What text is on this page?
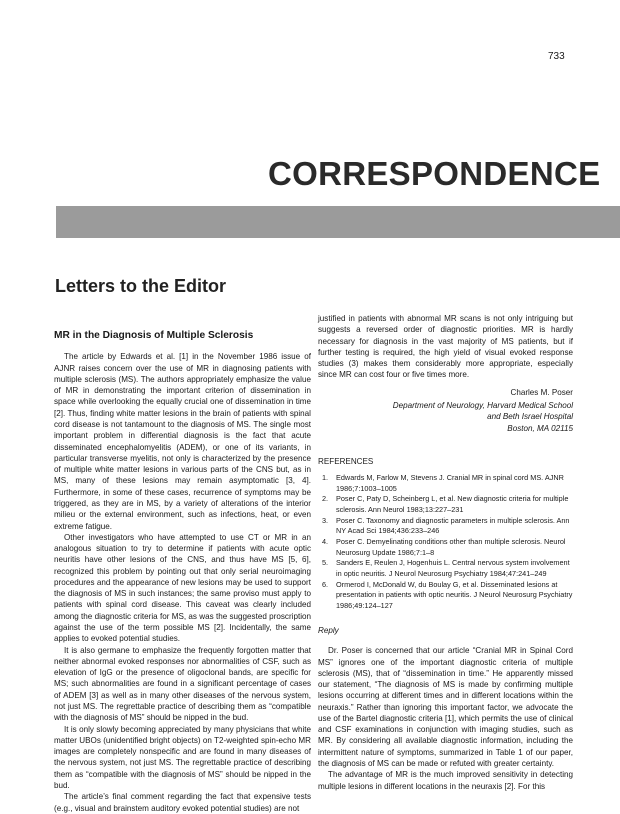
733
CORRESPONDENCE
Letters to the Editor
MR in the Diagnosis of Multiple Sclerosis

The article by Edwards et al. [1] in the November 1986 issue of AJNR raises concern over the use of MR in diagnosing patients with multiple sclerosis (MS). The authors appropriately emphasize the value of MR in demonstrating the important criterion of dissemination in space while overlooking the equally crucial one of dissemination in time [2]. Thus, finding white matter lesions in the brain of patients with spinal cord disease is not tantamount to the diagnosis of MS. The single most important problem in differential diagnosis is the fact that acute disseminated encephalomyelitis (ADEM), or one of its variants, in particular transverse myelitis, not only is characterized by the presence of multiple white matter lesions in various parts of the CNS but, as in MS, many of these lesions may remain asymptomatic [3, 4]. Furthermore, in some of these cases, recurrence of symptoms may be triggered, as they are in MS, by a variety of alterations of the interior milieu or the external environment, such as infections, heat, or even extreme fatigue.

Other investigators who have attempted to use CT or MR in an analogous situation to try to determine if patients with acute optic neuritis have other lesions of the CNS, and thus have MS [5, 6], recognized this problem by pointing out that only serial neuroimaging procedures and the appearance of new lesions may be used to support the diagnosis of MS in such instances; the same proviso must apply to patients with spinal cord disease. This caveat was clearly included among the diagnostic criteria for MS, as was the suggested proscription against the use of the term possible MS [2]. Incidentally, the same applies to evoked potential studies.

It is also germane to emphasize the frequently forgotten matter that neither abnormal evoked responses nor abnormalities of CSF, such as elevation of IgG or the presence of oligoclonal bands, are specific for MS; such abnormalities are found in a significant percentage of cases of ADEM [3] as well as in many other diseases of the nervous system, not just MS. The regrettable practice of describing them as “compatible with the diagnosis of MS” should be nipped in the bud.

It is only slowly becoming appreciated by many physicians that white matter UBOs (unidentified bright objects) on T2-weighted spin-echo MR images are completely nonspecific and are found in many diseases of the nervous system, not just MS. The regrettable practice of describing them as “compatible with the diagnosis of MS” should be nipped in the bud.

The article’s final comment regarding the fact that expensive tests (e.g., visual and brainstem auditory evoked potential studies) are not

justified in patients with abnormal MR scans is not only intriguing but suggests a reversed order of diagnostic priorities. MR is hardly necessary for diagnosis in the vast majority of MS patients, but if further testing is required, the high yield of visual evoked response studies (3) makes them considerably more appropriate, especially since MR can cost four or five times more.

Charles M. Poser
Department of Neurology, Harvard Medical School
and Beth Israel Hospital
Boston, MA 02115
REFERENCES
1. Edwards M, Farlow M, Stevens J. Cranial MR in spinal cord MS. AJNR 1986;7:1003–1005
2. Poser C, Paty D, Scheinberg L, et al. New diagnostic criteria for multiple sclerosis. Ann Neurol 1983;13:227–231
3. Poser C. Taxonomy and diagnostic parameters in multiple sclerosis. Ann NY Acad Sci 1984;436:233–246
4. Poser C. Demyelinating conditions other than multiple sclerosis. Neurol Neurosurg Update 1986;7:1–8
5. Sanders E, Reulen J, Hogenhuis L. Central nervous system involvement in optic neuritis. J Neurol Neurosurg Psychiatry 1984;47:241–249
6. Ormerod I, McDonald W, du Boulay G, et al. Disseminated lesions at presentation in patients with optic neuritis. J Neurol Neurosurg Psychiatry 1986;49:124–127
Reply

Dr. Poser is concerned that our article “Cranial MR in Spinal Cord MS” ignores one of the important diagnostic criteria of multiple sclerosis (MS), that of “dissemination in time.” He apparently missed our statement, “The diagnosis of MS is made by confirming multiple lesions occurring at different times and in different locations within the neuraxis.” Rather than ignoring this important factor, we advocate the use of the Bartel diagnostic criteria [1], which permits the use of clinical and CSF examinations in conjunction with imaging studies, such as MR. By considering all available diagnostic information, including the intermittent nature of symptoms, summarized in Table 1 of our paper, the diagnosis of MS can be made or refuted with greater certainty.

The advantage of MR is the much improved sensitivity in detecting multiple lesions in different locations in the neuraxis [2]. For this
